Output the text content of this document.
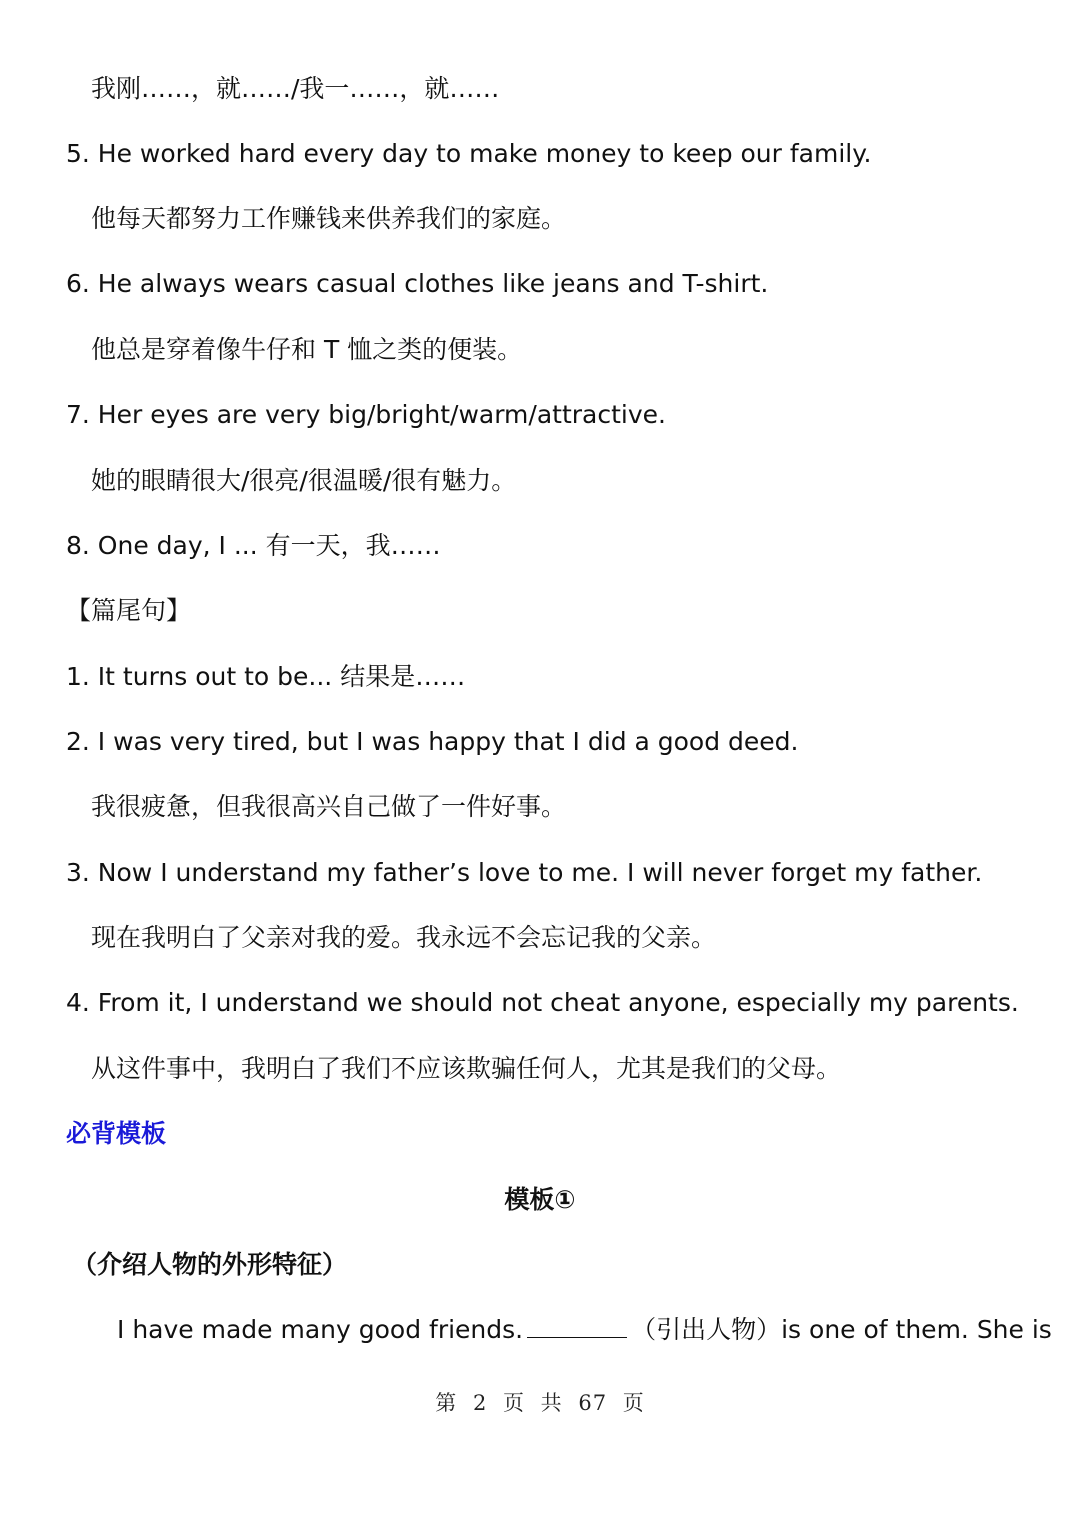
我刚……，就……/我一……，就……
5. He worked hard every day to make money to keep our family.
他每天都努力工作赚钱来供养我们的家庭。
6. He always wears casual clothes like jeans and T-shirt.
他总是穿着像牛仔和 T 恤之类的便装。
7. Her eyes are very big/bright/warm/attractive.
她的眼睛很大/很亮/很温暖/很有魅力。
8. One day, I ... 有一天，我……
【篇尾句】
1. It turns out to be... 结果是……
2. I was very tired, but I was happy that I did a good deed.
我很疲惫，但我很高兴自己做了一件好事。
3. Now I understand my father’s love to me. I will never forget my father.
现在我明白了父亲对我的爱。我永远不会忘记我的父亲。
4. From it, I understand we should not cheat anyone, especially my parents.
从这件事中，我明白了我们不应该欺骗任何人，尤其是我们的父母。
必背模板
模板①
（介绍人物的外形特征）
I have made many good friends.	（引出人物）is one of them. She is
第 2 页 共 67 页
